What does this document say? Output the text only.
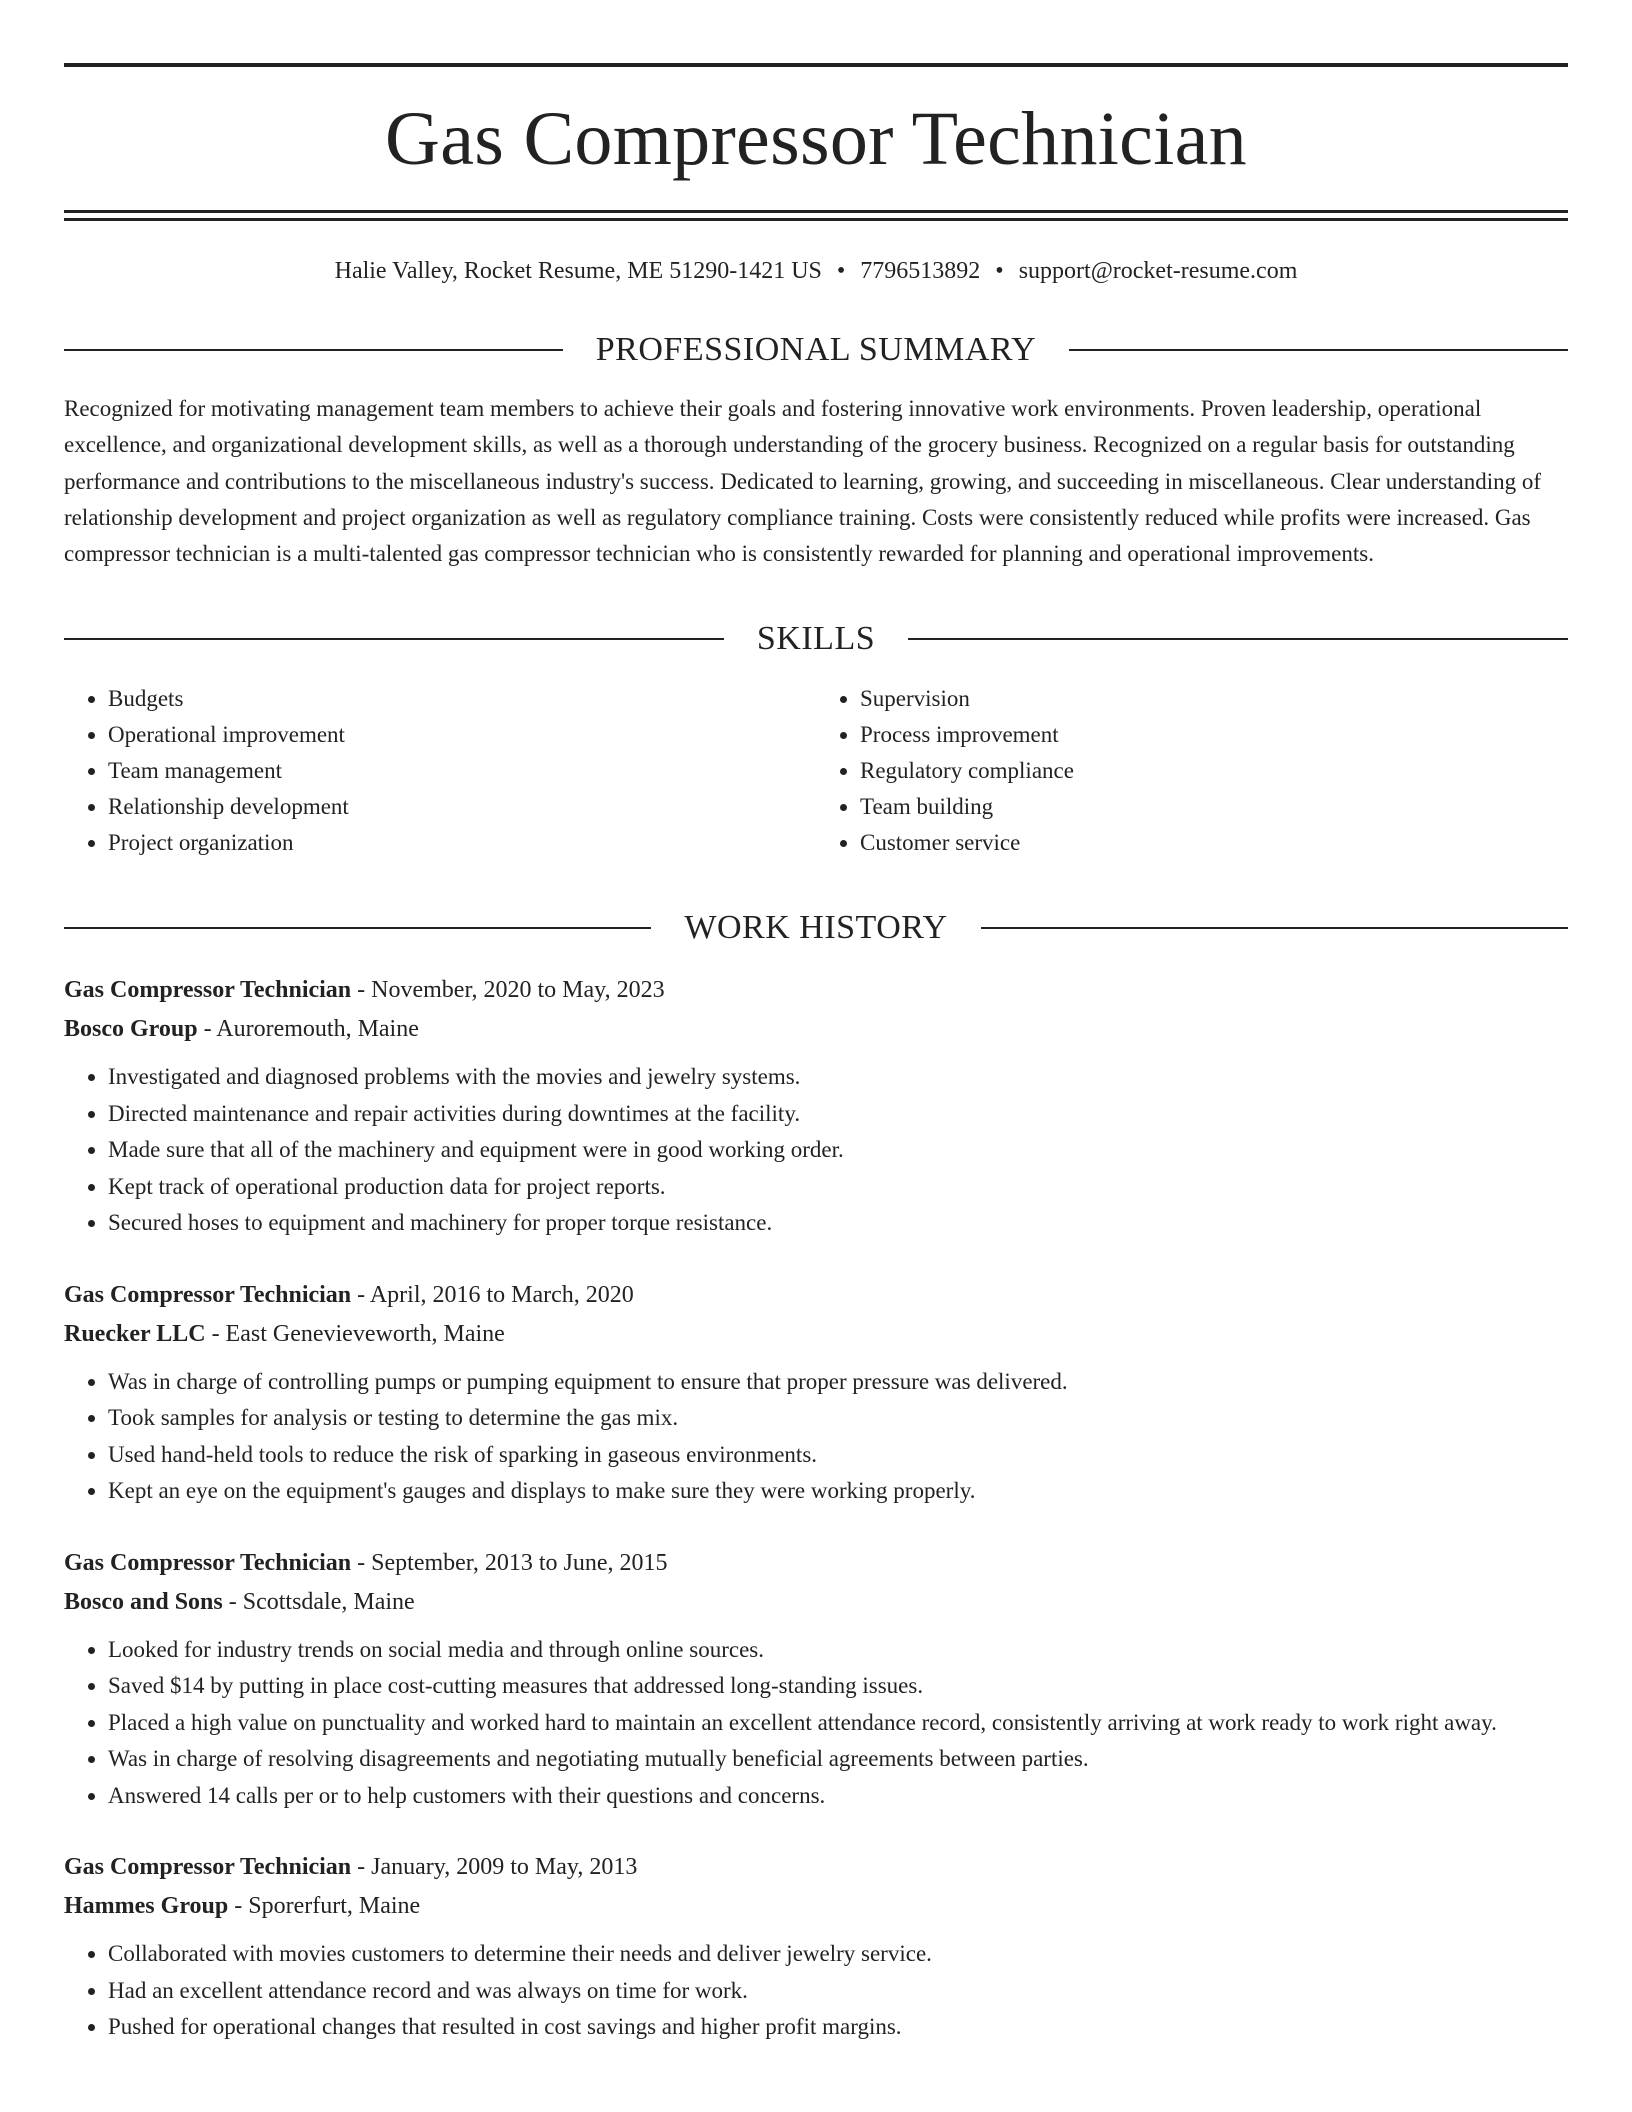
Gas Compressor Technician
Halie Valley, Rocket Resume, ME 51290-1421 US • 7796513892 • support@rocket-resume.com
PROFESSIONAL SUMMARY
Recognized for motivating management team members to achieve their goals and fostering innovative work environments. Proven leadership, operational excellence, and organizational development skills, as well as a thorough understanding of the grocery business. Recognized on a regular basis for outstanding performance and contributions to the miscellaneous industry's success. Dedicated to learning, growing, and succeeding in miscellaneous. Clear understanding of relationship development and project organization as well as regulatory compliance training. Costs were consistently reduced while profits were increased. Gas compressor technician is a multi-talented gas compressor technician who is consistently rewarded for planning and operational improvements.
SKILLS
• Budgets
• Operational improvement
• Team management
• Relationship development
• Project organization
• Supervision
• Process improvement
• Regulatory compliance
• Team building
• Customer service
WORK HISTORY
Gas Compressor Technician - November, 2020 to May, 2023
Bosco Group - Auroremouth, Maine
• Investigated and diagnosed problems with the movies and jewelry systems.
• Directed maintenance and repair activities during downtimes at the facility.
• Made sure that all of the machinery and equipment were in good working order.
• Kept track of operational production data for project reports.
• Secured hoses to equipment and machinery for proper torque resistance.
Gas Compressor Technician - April, 2016 to March, 2020
Ruecker LLC - East Genevieveworth, Maine
• Was in charge of controlling pumps or pumping equipment to ensure that proper pressure was delivered.
• Took samples for analysis or testing to determine the gas mix.
• Used hand-held tools to reduce the risk of sparking in gaseous environments.
• Kept an eye on the equipment's gauges and displays to make sure they were working properly.
Gas Compressor Technician - September, 2013 to June, 2015
Bosco and Sons - Scottsdale, Maine
• Looked for industry trends on social media and through online sources.
• Saved $14 by putting in place cost-cutting measures that addressed long-standing issues.
• Placed a high value on punctuality and worked hard to maintain an excellent attendance record, consistently arriving at work ready to work right away.
• Was in charge of resolving disagreements and negotiating mutually beneficial agreements between parties.
• Answered 14 calls per or to help customers with their questions and concerns.
Gas Compressor Technician - January, 2009 to May, 2013
Hammes Group - Sporerfurt, Maine
• Collaborated with movies customers to determine their needs and deliver jewelry service.
• Had an excellent attendance record and was always on time for work.
• Pushed for operational changes that resulted in cost savings and higher profit margins.
